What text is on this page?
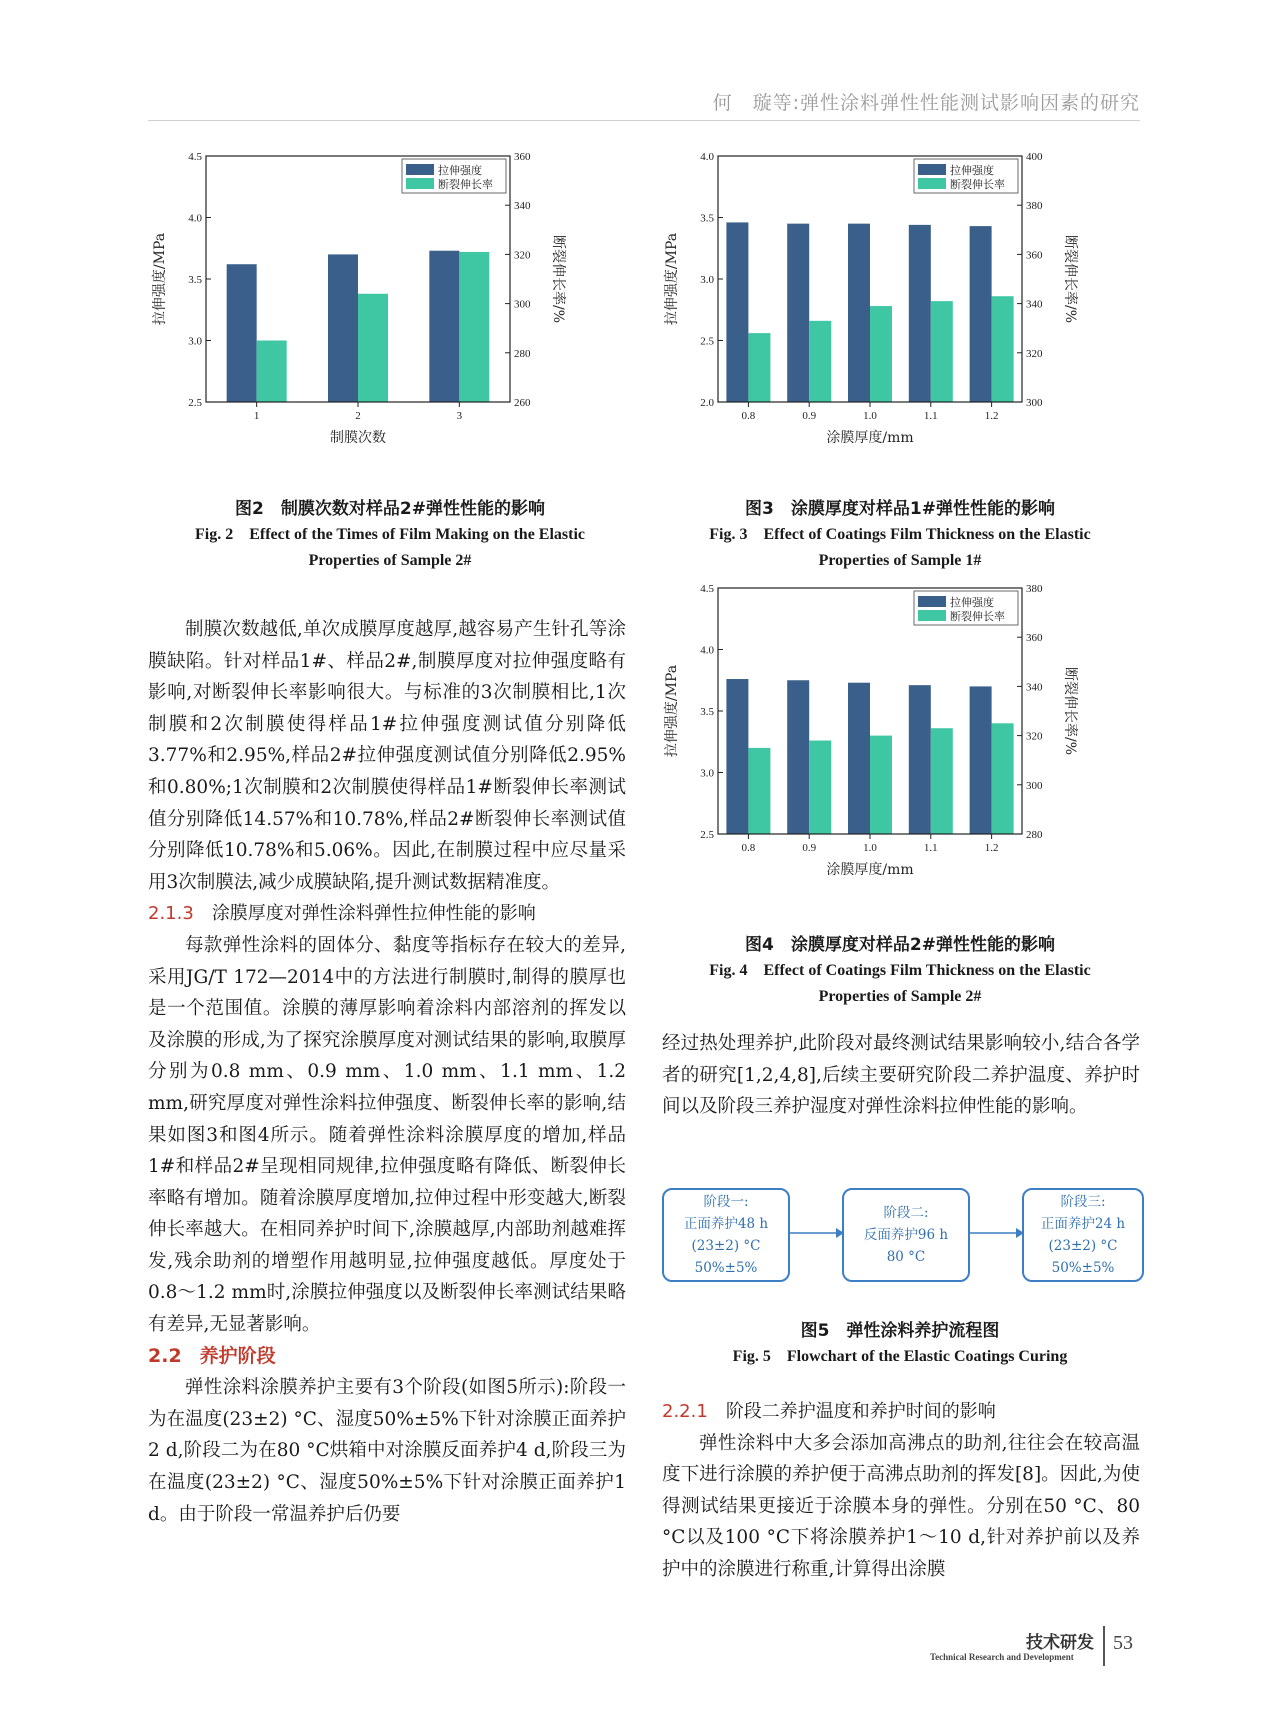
何　璇等:弹性涂料弹性性能测试影响因素的研究
1	2	3
2.5
3.0
3.5
4.0
4.5
260
280
300
320
340
360
制膜次数
拉伸强度/MPa	断裂伸长率/%
拉伸强度
断裂伸长率
图2　制膜次数对样品2#弹性性能的影响
Fig. 2　Effect of the Times of Film Making on the Elastic
Properties of Sample 2#
0.8	0.9	1.0	1.1	1.2
2.0
2.5
3.0
3.5
4.0
300
320
340
360
380
400
涂膜厚度/mm
拉伸强度/MPa	断裂伸长率/%
拉伸强度
断裂伸长率
图3　涂膜厚度对样品1#弹性性能的影响
Fig. 3　Effect of Coatings Film Thickness on the Elastic
Properties of Sample 1#
0.8	0.9	1.0	1.1	1.2
2.5
3.0
3.5
4.0
4.5
280
300
320
340
360
380
涂膜厚度/mm
拉伸强度/MPa	断裂伸长率/%
拉伸强度
断裂伸长率
图4　涂膜厚度对样品2#弹性性能的影响
Fig. 4　Effect of Coatings Film Thickness on the Elastic
Properties of Sample 2#

制膜次数越低,单次成膜厚度越厚,越容易产生针孔等涂膜缺陷。针对样品1#、样品2#,制膜厚度对拉伸强度略有影响,对断裂伸长率影响很大。与标准的3次制膜相比,1次制膜和2次制膜使得样品1#拉伸强度测试值分别降低3.77%和2.95%,样品2#拉伸强度测试值分别降低2.95%和0.80%;1次制膜和2次制膜使得样品1#断裂伸长率测试值分别降低14.57%和10.78%,样品2#断裂伸长率测试值分别降低10.78%和5.06%。因此,在制膜过程中应尽量采用3次制膜法,减少成膜缺陷,提升测试数据精准度。

2.1.3 涂膜厚度对弹性涂料弹性拉伸性能的影响

每款弹性涂料的固体分、黏度等指标存在较大的差异,采用JG/T 172—2014中的方法进行制膜时,制得的膜厚也是一个范围值。涂膜的薄厚影响着涂料内部溶剂的挥发以及涂膜的形成,为了探究涂膜厚度对测试结果的影响,取膜厚分别为0.8 mm、0.9 mm、1.0 mm、1.1 mm、1.2 mm,研究厚度对弹性涂料拉伸强度、断裂伸长率的影响,结果如图3和图4所示。随着弹性涂料涂膜厚度的增加,样品1#和样品2#呈现相同规律,拉伸强度略有降低、断裂伸长率略有增加。随着涂膜厚度增加,拉伸过程中形变越大,断裂伸长率越大。在相同养护时间下,涂膜越厚,内部助剂越难挥发,残余助剂的增塑作用越明显,拉伸强度越低。厚度处于0.8～1.2 mm时,涂膜拉伸强度以及断裂伸长率测试结果略有差异,无显著影响。

2.2 养护阶段

弹性涂料涂膜养护主要有3个阶段(如图5所示):阶段一为在温度(23±2) °C、湿度50%±5%下针对涂膜正面养护2 d,阶段二为在80 °C烘箱中对涂膜反面养护4 d,阶段三为在温度(23±2) °C、湿度50%±5%下针对涂膜正面养护1 d。由于阶段一常温养护后仍要

经过热处理养护,此阶段对最终测试结果影响较小,结合各学者的研究[1,2,4,8],后续主要研究阶段二养护温度、养护时间以及阶段三养护湿度对弹性涂料拉伸性能的影响。

阶段一:
正面养护48 h
(23±2) °C
50%±5%
阶段二:
反面养护96 h
80 °C
阶段三:
正面养护24 h
(23±2) °C
50%±5%
图5　弹性涂料养护流程图
Fig. 5　Flowchart of the Elastic Coatings Curing
2.2.1 阶段二养护温度和养护时间的影响

弹性涂料中大多会添加高沸点的助剂,往往会在较高温度下进行涂膜的养护便于高沸点助剂的挥发[8]。因此,为使得测试结果更接近于涂膜本身的弹性。分别在50 °C、80 °C以及100 °C下将涂膜养护1～10 d,针对养护前以及养护中的涂膜进行称重,计算得出涂膜

技术研发
Technical Research and Development
53
